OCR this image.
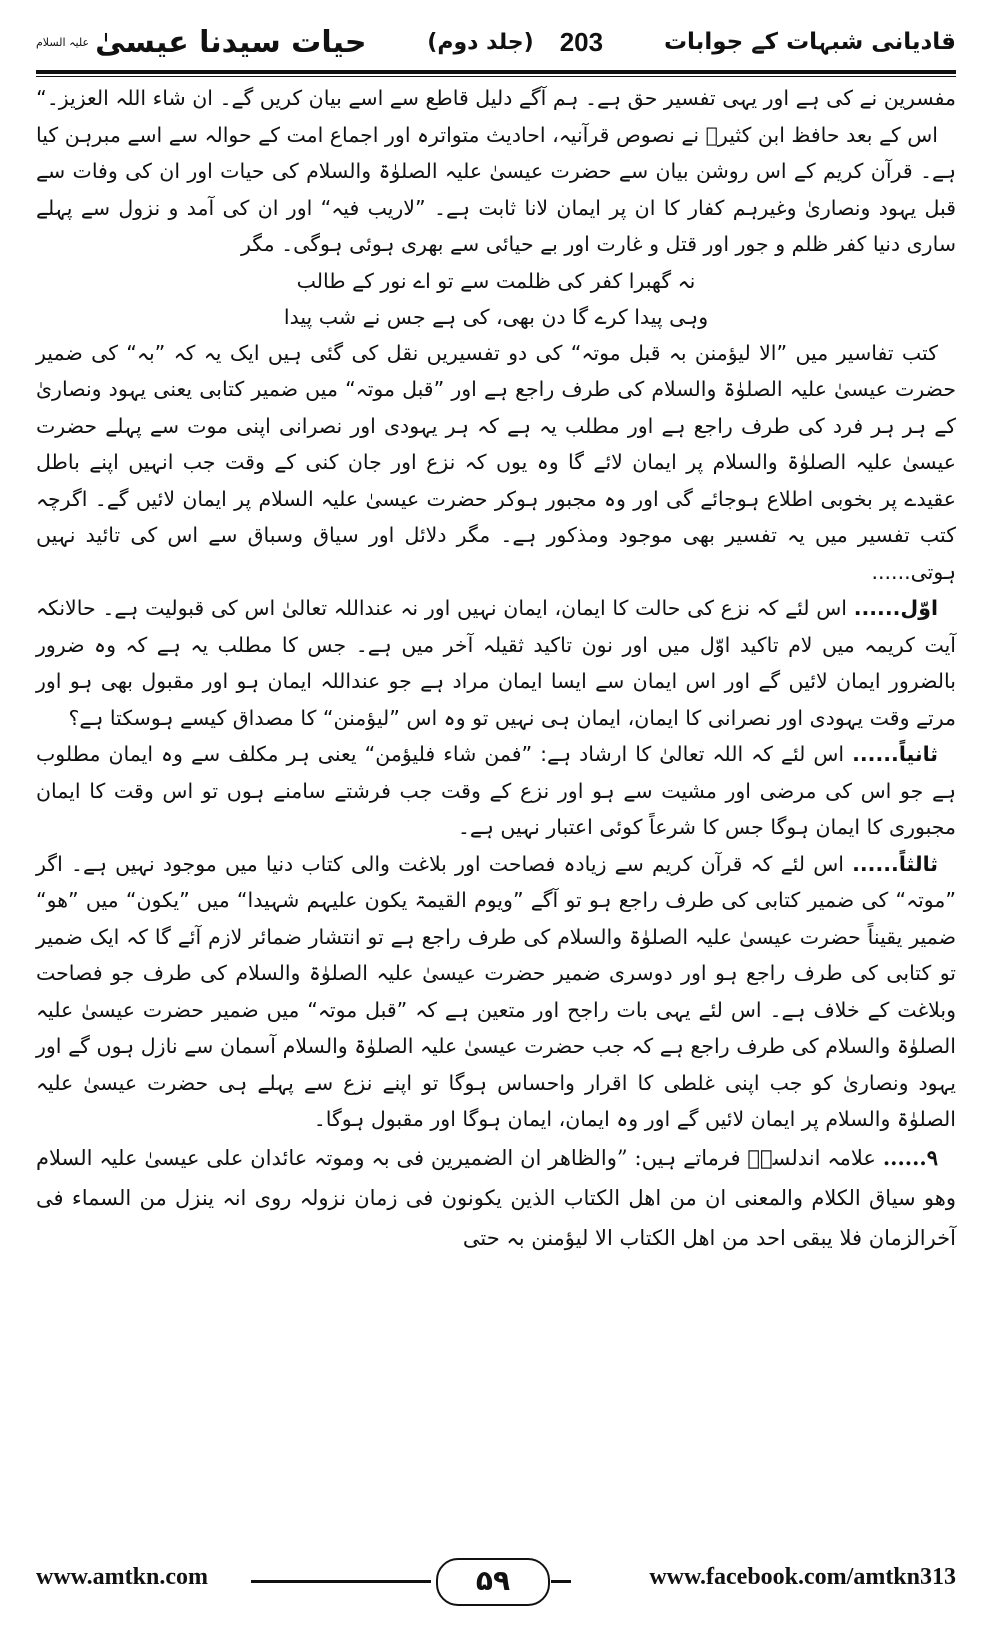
قادیانی شبہات کے جوابات
(جلد دوم) 203
حیات سیدنا عیسیٰ
علیہ السلام

مفسرین نے کی ہے اور یہی تفسیر حق ہے۔ ہم آگے دلیل قاطع سے اسے بیان کریں گے۔ ان شاء اللہ العزیز۔“

اس کے بعد حافظ ابن کثیرؒ نے نصوص قرآنیہ، احادیث متواترہ اور اجماع امت کے حوالہ سے اسے مبرہن کیا ہے۔ قرآن کریم کے اس روشن بیان سے حضرت عیسیٰ علیہ الصلوٰۃ والسلام کی حیات اور ان کی وفات سے قبل یہود ونصاریٰ وغیرہم کفار کا ان پر ایمان لانا ثابت ہے۔ ”لاریب فیہ“ اور ان کی آمد و نزول سے پہلے ساری دنیا کفر ظلم و جور اور قتل و غارت اور بے حیائی سے بھری ہوئی ہوگی۔ مگر

نہ گھبرا کفر کی ظلمت سے تو اے نور کے طالب

وہی پیدا کرے گا دن بھی، کی ہے جس نے شب پیدا

کتب تفاسیر میں ”الا لیؤمنن بہ قبل موتہ“ کی دو تفسیریں نقل کی گئی ہیں ایک یہ کہ ”بہ“ کی ضمیر حضرت عیسیٰ علیہ الصلوٰۃ والسلام کی طرف راجع ہے اور ”قبل موتہ“ میں ضمیر کتابی یعنی یہود ونصاریٰ کے ہر ہر فرد کی طرف راجع ہے اور مطلب یہ ہے کہ ہر یہودی اور نصرانی اپنی موت سے پہلے حضرت عیسیٰ علیہ الصلوٰۃ والسلام پر ایمان لائے گا وہ یوں کہ نزع اور جان کنی کے وقت جب انہیں اپنے باطل عقیدے پر بخوبی اطلاع ہوجائے گی اور وہ مجبور ہوکر حضرت عیسیٰ علیہ السلام پر ایمان لائیں گے۔ اگرچہ کتب تفسیر میں یہ تفسیر بھی موجود ومذکور ہے۔ مگر دلائل اور سیاق وسباق سے اس کی تائید نہیں ہوتی......

اوّل...... اس لئے کہ نزع کی حالت کا ایمان، ایمان نہیں اور نہ عنداللہ تعالیٰ اس کی قبولیت ہے۔ حالانکہ آیت کریمہ میں لام تاکید اوّل میں اور نون تاکید ثقیلہ آخر میں ہے۔ جس کا مطلب یہ ہے کہ وہ ضرور بالضرور ایمان لائیں گے اور اس ایمان سے ایسا ایمان مراد ہے جو عنداللہ ایمان ہو اور مقبول بھی ہو اور مرتے وقت یہودی اور نصرانی کا ایمان، ایمان ہی نہیں تو وہ اس ”لیؤمنن“ کا مصداق کیسے ہوسکتا ہے؟

ثانیاً...... اس لئے کہ اللہ تعالیٰ کا ارشاد ہے: ”فمن شاء فلیؤمن“ یعنی ہر مکلف سے وہ ایمان مطلوب ہے جو اس کی مرضی اور مشیت سے ہو اور نزع کے وقت جب فرشتے سامنے ہوں تو اس وقت کا ایمان مجبوری کا ایمان ہوگا جس کا شرعاً کوئی اعتبار نہیں ہے۔

ثالثاً...... اس لئے کہ قرآن کریم سے زیادہ فصاحت اور بلاغت والی کتاب دنیا میں موجود نہیں ہے۔ اگر ”موتہ“ کی ضمیر کتابی کی طرف راجع ہو تو آگے ”ویوم القیمۃ یکون علیہم شہیدا“ میں ”یکون“ میں ”ھو“ ضمیر یقیناً حضرت عیسیٰ علیہ الصلوٰۃ والسلام کی طرف راجع ہے تو انتشار ضمائر لازم آئے گا کہ ایک ضمیر تو کتابی کی طرف راجع ہو اور دوسری ضمیر حضرت عیسیٰ علیہ الصلوٰۃ والسلام کی طرف جو فصاحت وبلاغت کے خلاف ہے۔ اس لئے یہی بات راجح اور متعین ہے کہ ”قبل موتہ“ میں ضمیر حضرت عیسیٰ علیہ الصلوٰۃ والسلام کی طرف راجع ہے کہ جب حضرت عیسیٰ علیہ الصلوٰۃ والسلام آسمان سے نازل ہوں گے اور یہود ونصاریٰ کو جب اپنی غلطی کا اقرار واحساس ہوگا تو اپنے نزع سے پہلے ہی حضرت عیسیٰ علیہ الصلوٰۃ والسلام پر ایمان لائیں گے اور وہ ایمان، ایمان ہوگا اور مقبول ہوگا۔

۹...... علامہ اندلسیؒ فرماتے ہیں: ”والظاھر ان الضمیرین فی بہ وموتہ عائدان علی عیسیٰ علیہ السلام وھو سیاق الکلام والمعنی ان من اھل الکتاب الذین یکونون فی زمان نزولہ روی انہ ینزل من السماء فی آخرالزمان فلا یبقی احد من اھل الکتاب الا لیؤمنن بہ حتی

www.amtkn.com	۵۹	www.facebook.com/amtkn313
